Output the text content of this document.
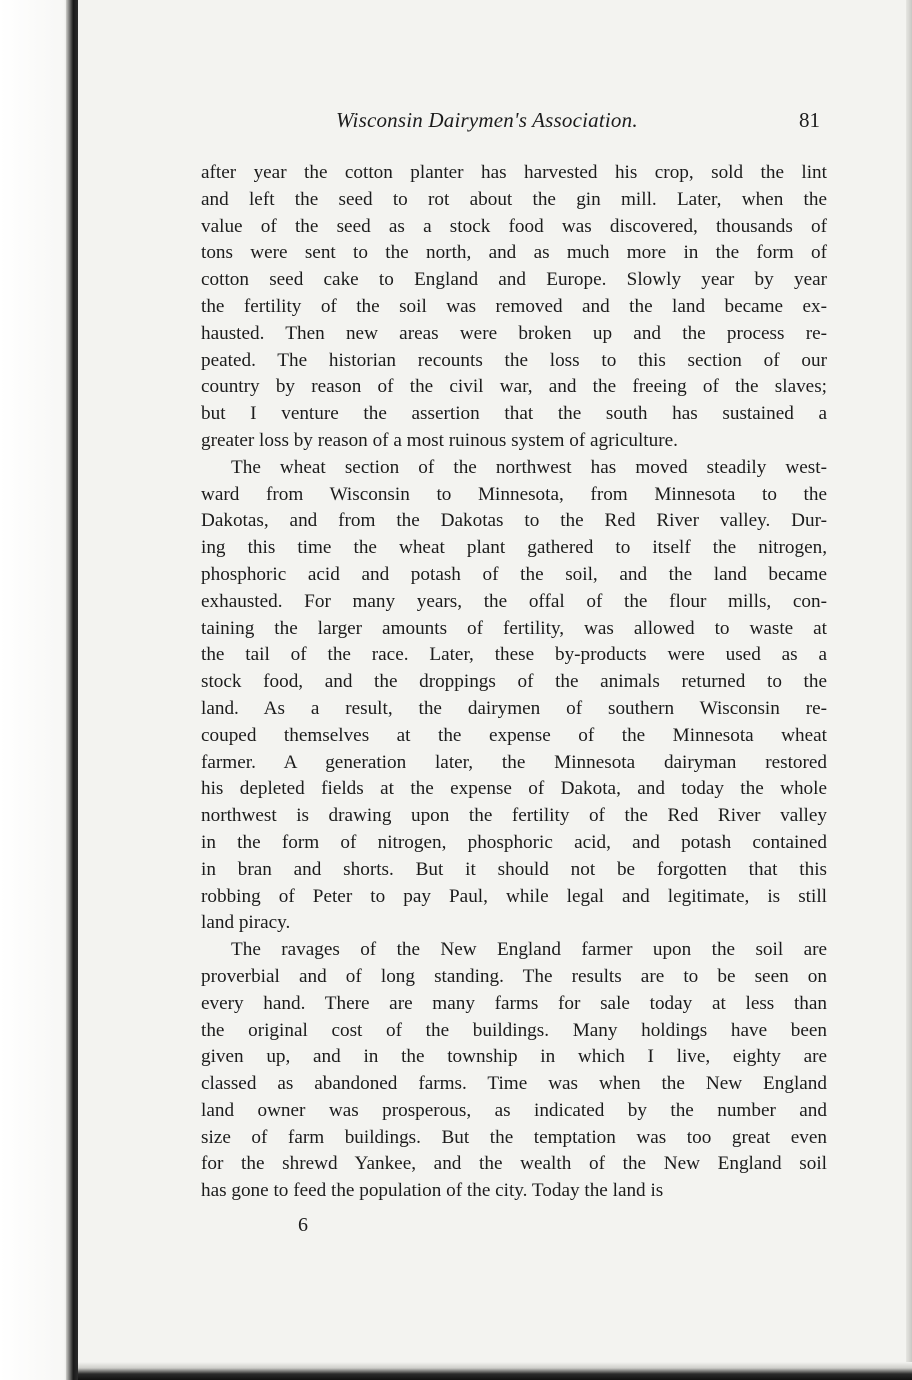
Wisconsin Dairymen's Association.	81
after year the cotton planter has harvested his crop, sold the lint
and left the seed to rot about the gin mill. Later, when the
value of the seed as a stock food was discovered, thousands of
tons were sent to the north, and as much more in the form of
cotton seed cake to England and Europe. Slowly year by year
the fertility of the soil was removed and the land became ex-
hausted. Then new areas were broken up and the process re-
peated. The historian recounts the loss to this section of our
country by reason of the civil war, and the freeing of the slaves;
but I venture the assertion that the south has sustained a
greater loss by reason of a most ruinous system of agriculture.
The wheat section of the northwest has moved steadily west-
ward from Wisconsin to Minnesota, from Minnesota to the
Dakotas, and from the Dakotas to the Red River valley. Dur-
ing this time the wheat plant gathered to itself the nitrogen,
phosphoric acid and potash of the soil, and the land became
exhausted. For many years, the offal of the flour mills, con-
taining the larger amounts of fertility, was allowed to waste at
the tail of the race. Later, these by-products were used as a
stock food, and the droppings of the animals returned to the
land. As a result, the dairymen of southern Wisconsin re-
couped themselves at the expense of the Minnesota wheat
farmer. A generation later, the Minnesota dairyman restored
his depleted fields at the expense of Dakota, and today the whole
northwest is drawing upon the fertility of the Red River valley
in the form of nitrogen, phosphoric acid, and potash contained
in bran and shorts. But it should not be forgotten that this
robbing of Peter to pay Paul, while legal and legitimate, is still
land piracy.
The ravages of the New England farmer upon the soil are
proverbial and of long standing. The results are to be seen on
every hand. There are many farms for sale today at less than
the original cost of the buildings. Many holdings have been
given up, and in the township in which I live, eighty are
classed as abandoned farms. Time was when the New England
land owner was prosperous, as indicated by the number and
size of farm buildings. But the temptation was too great even
for the shrewd Yankee, and the wealth of the New England soil
has gone to feed the population of the city. Today the land is
6
